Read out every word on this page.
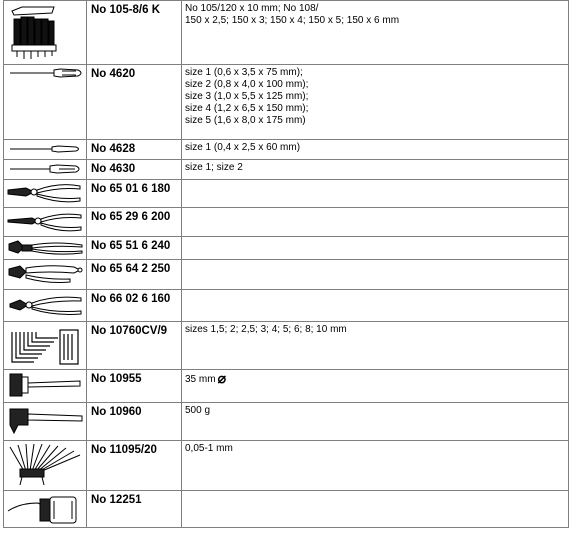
	No 105-8/6 K	No 105/120 x 10 mm; No 108/
150 x 2,5; 150 x 3; 150 x 4; 150 x 5; 150 x 6 mm

	No 4620	size 1 (0,6 x 3,5 x 75 mm);
size 2 (0,8 x 4,0 x 100 mm);
size 3 (1,0 x 5,5 x 125 mm);
size 4 (1,2 x 6,5 x 150 mm);
size 5 (1,6 x 8,0 x 175 mm)

	No 4628	size 1 (0,4 x 2,5 x 60 mm)

	No 4630	size 1; size 2

	No 65 01 6 180	

	No 65 29 6 200	

	No 65 51 6 240	

	No 65 64 2 250	

	No 66 02 6 160	

	No 10760CV/9	sizes 1,5; 2; 2,5; 3; 4; 5; 6; 8; 10 mm

	No 10955	35 mm ⌀

	No 10960	500 g

	No 11095/20	0,05-1 mm

	No 12251	
